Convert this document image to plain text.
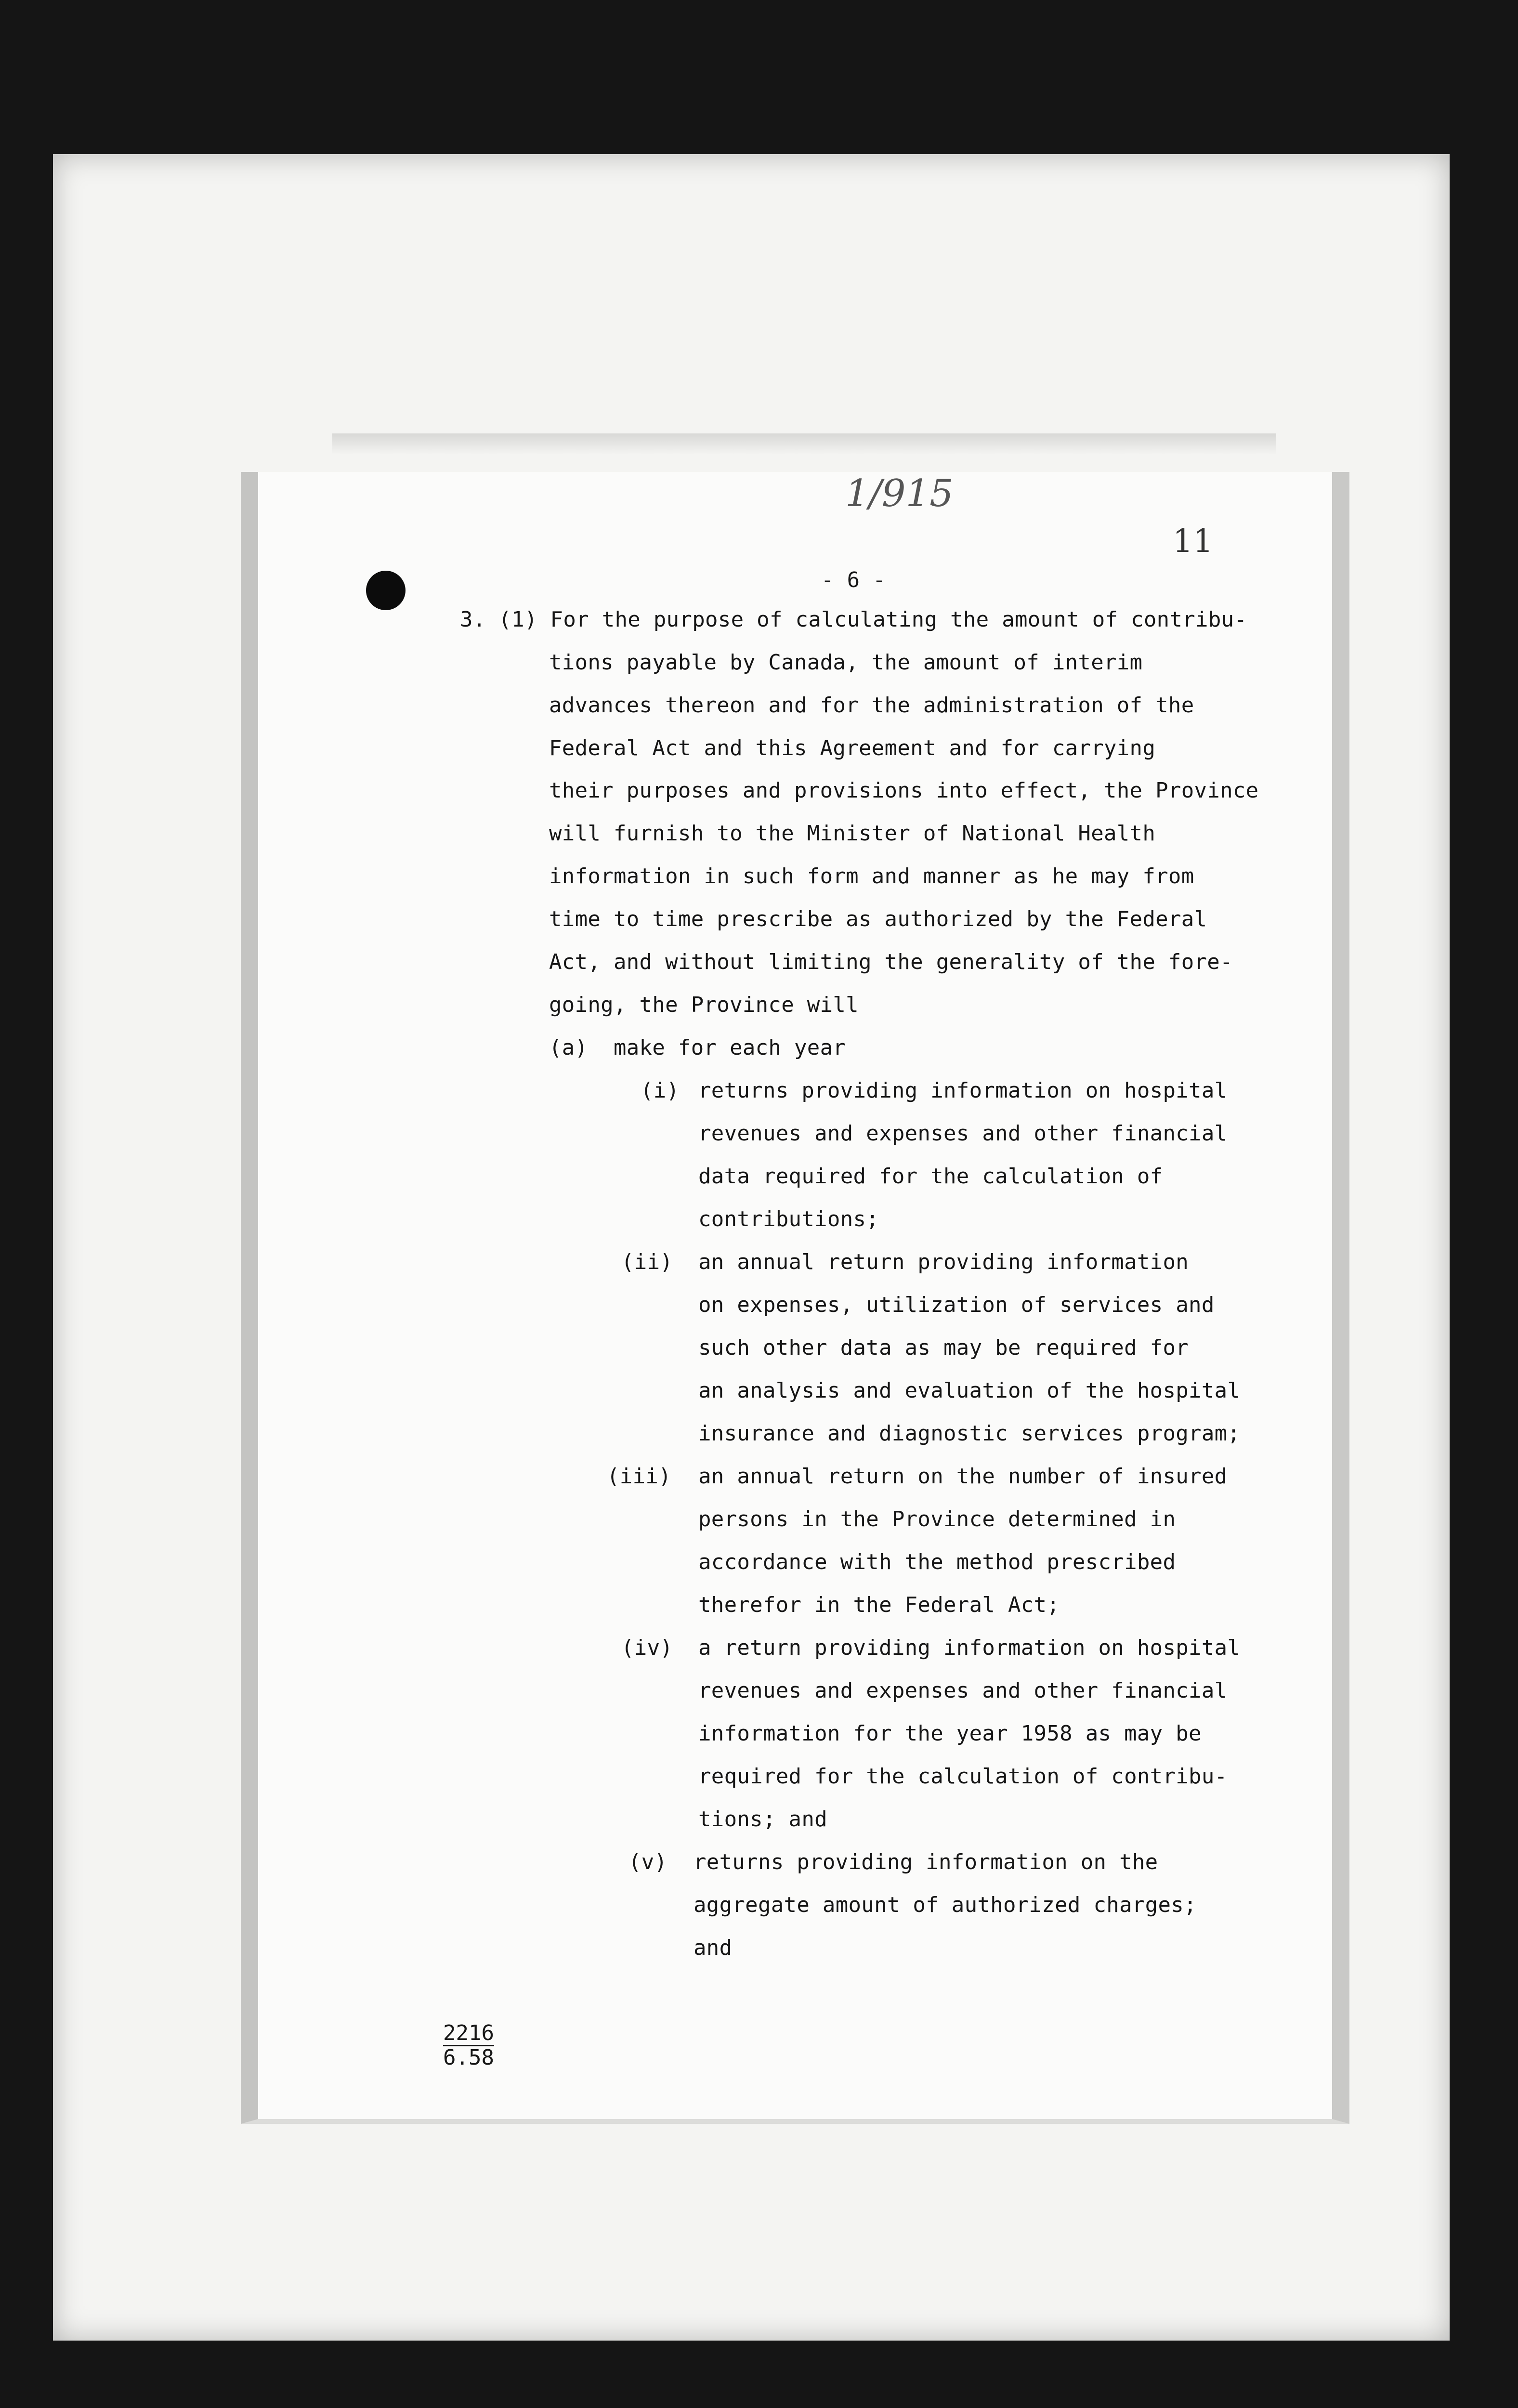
1/915
11
- 6 -
3. (1) For the purpose of calculating the amount of contribu-
tions payable by Canada, the amount of interim
advances thereon and for the administration of the
Federal Act and this Agreement and for carrying
their purposes and provisions into effect, the Province
will furnish to the Minister of National Health
information in such form and manner as he may from
time to time prescribe as authorized by the Federal
Act, and without limiting the generality of the fore-
going, the Province will
(a)  make for each year
(i) returns providing information on hospital
revenues and expenses and other financial
data required for the calculation of
contributions;
(ii) an annual return providing information
on expenses, utilization of services and
such other data as may be required for
an analysis and evaluation of the hospital
insurance and diagnostic services program;
(iii) an annual return on the number of insured
persons in the Province determined in
accordance with the method prescribed
therefor in the Federal Act;
(iv) a return providing information on hospital
revenues and expenses and other financial
information for the year 1958 as may be
required for the calculation of contribu-
tions; and
(v) returns providing information on the
aggregate amount of authorized charges;
and
2216
6.58
